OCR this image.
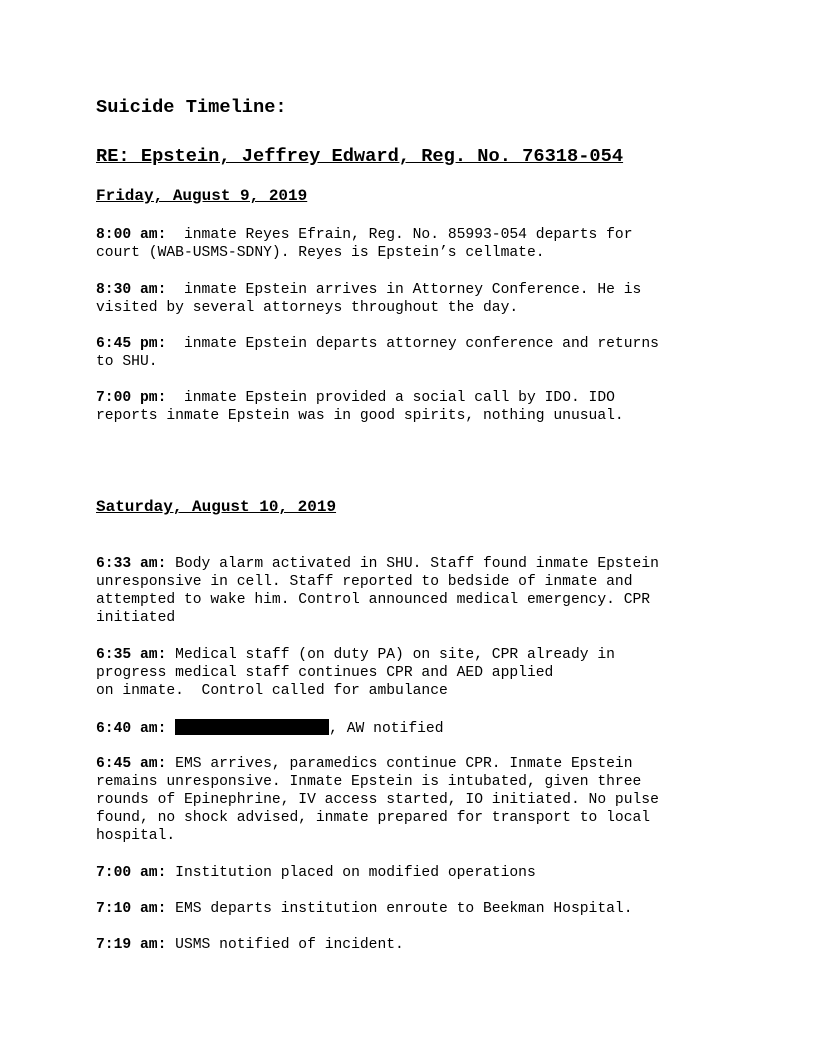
Suicide Timeline:
RE: Epstein, Jeffrey Edward, Reg. No. 76318-054
Friday, August 9, 2019
8:00 am:  inmate Reyes Efrain, Reg. No. 85993-054 departs for
court (WAB-USMS-SDNY). Reyes is Epstein’s cellmate.
8:30 am:  inmate Epstein arrives in Attorney Conference. He is
visited by several attorneys throughout the day.
6:45 pm:  inmate Epstein departs attorney conference and returns
to SHU.
7:00 pm:  inmate Epstein provided a social call by IDO. IDO
reports inmate Epstein was in good spirits, nothing unusual.
Saturday, August 10, 2019
6:33 am: Body alarm activated in SHU. Staff found inmate Epstein
unresponsive in cell. Staff reported to bedside of inmate and
attempted to wake him. Control announced medical emergency. CPR
initiated
6:35 am: Medical staff (on duty PA) on site, CPR already in
progress medical staff continues CPR and AED applied
on inmate.  Control called for ambulance
6:40 am:	, AW notified
6:45 am: EMS arrives, paramedics continue CPR. Inmate Epstein
remains unresponsive. Inmate Epstein is intubated, given three
rounds of Epinephrine, IV access started, IO initiated. No pulse
found, no shock advised, inmate prepared for transport to local
hospital.
7:00 am: Institution placed on modified operations
7:10 am: EMS departs institution enroute to Beekman Hospital.
7:19 am: USMS notified of incident.
